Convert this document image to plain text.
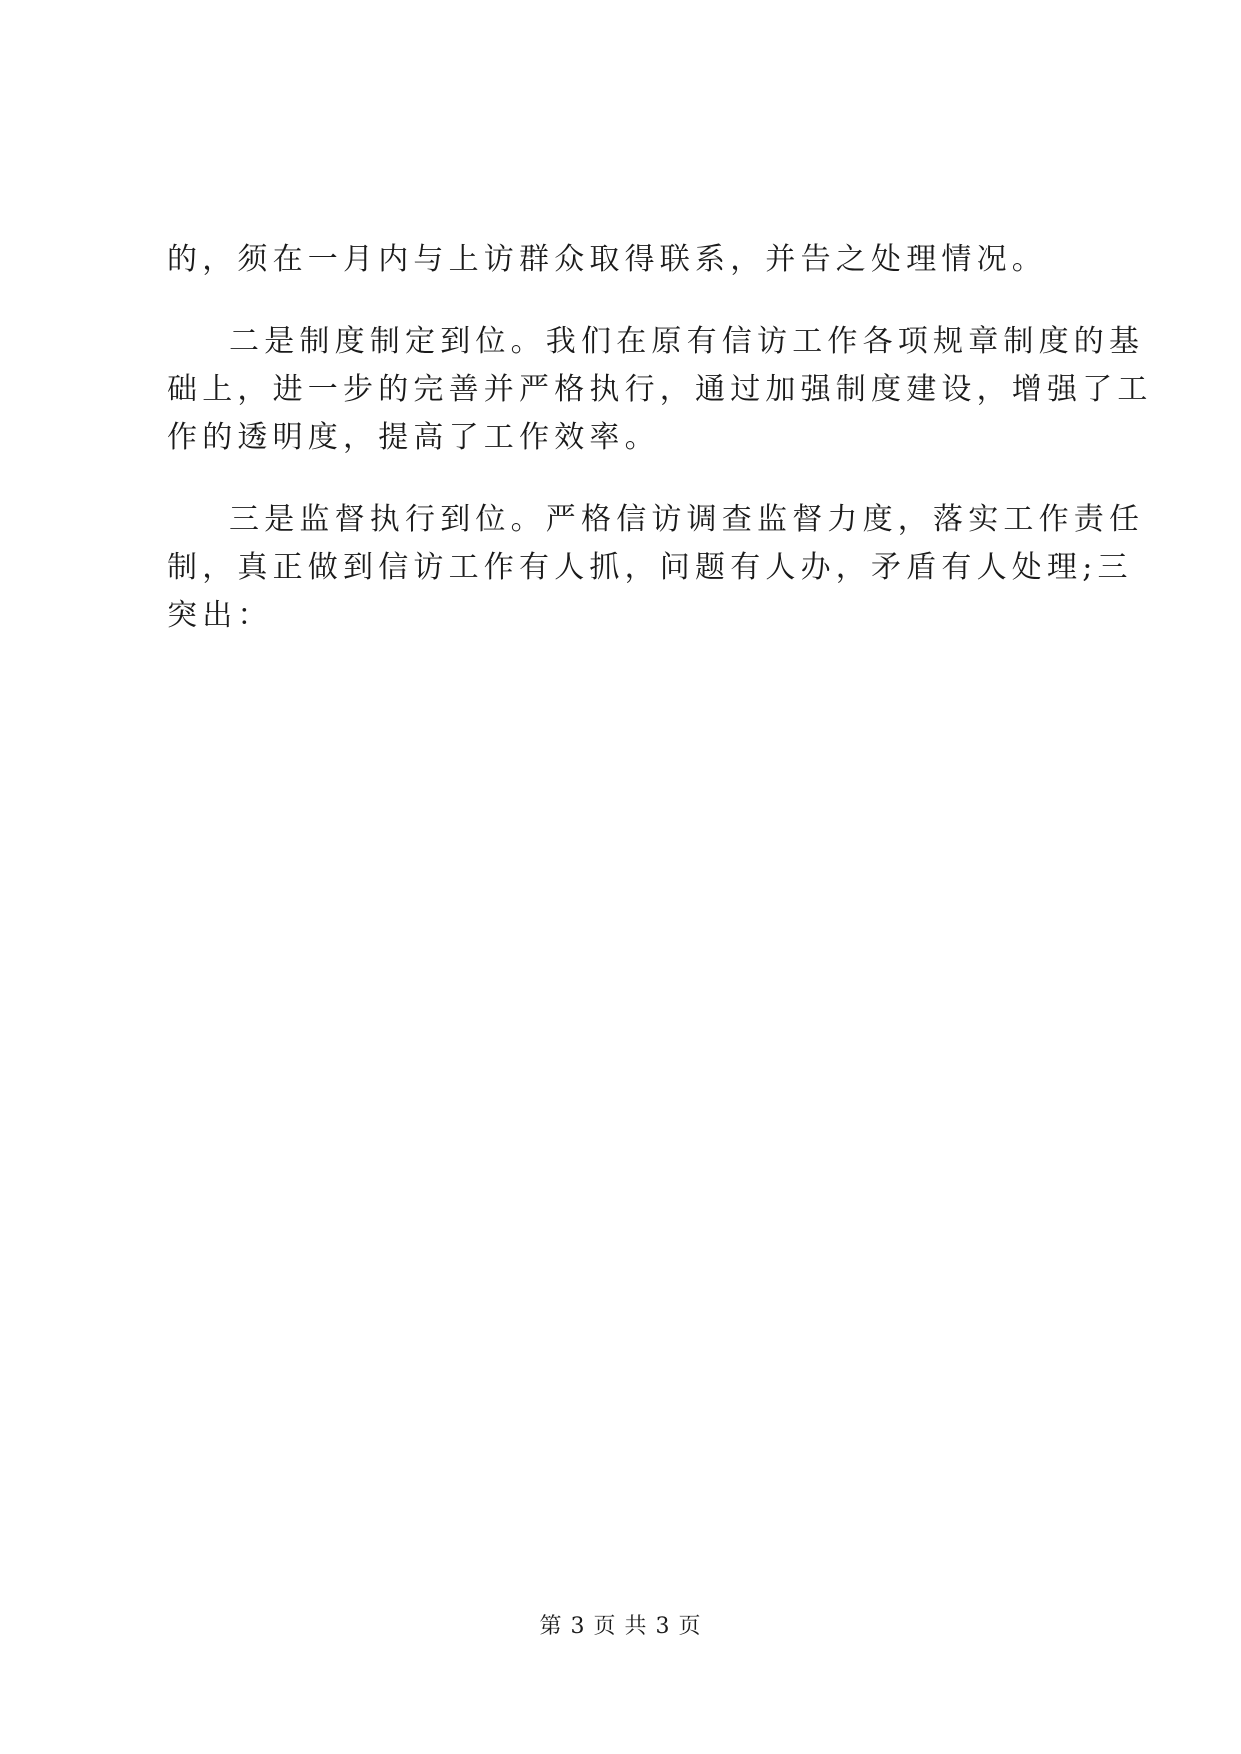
的，须在一月内与上访群众取得联系，并告之处理情况。
二是制度制定到位。我们在原有信访工作各项规章制度的基
础上，进一步的完善并严格执行，通过加强制度建设，增强了工
作的透明度，提高了工作效率。
三是监督执行到位。严格信访调查监督力度，落实工作责任
制，真正做到信访工作有人抓，问题有人办，矛盾有人处理;三
突出：
第 3 页 共 3 页
